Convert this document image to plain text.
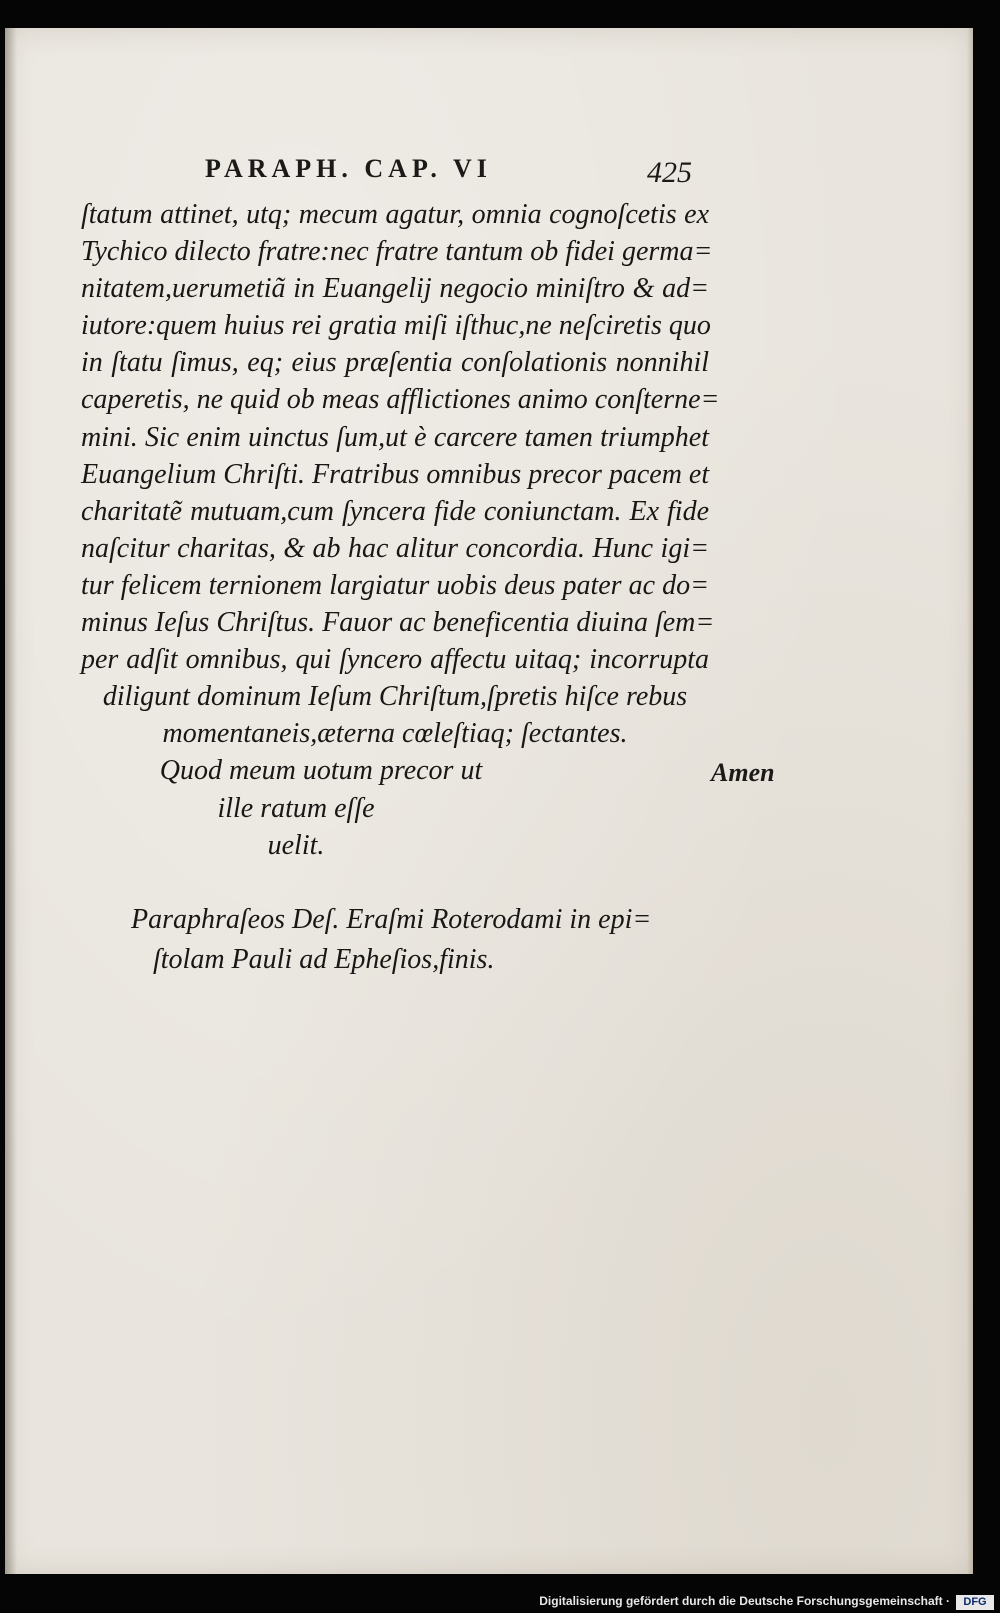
PARAPH. CAP. VI	425
ſtatum attinet, utq; mecum agatur, omnia cognoſcetis ex
Tychico dilecto fratre:nec fratre tantum ob fidei germa=
nitatem,uerumetiã in Euangelij negocio miniſtro & ad=
iutore:quem huius rei gratia miſi iſthuc,ne neſciretis quo
in ſtatu ſimus, eq; eius præſentia conſolationis nonnihil
caperetis, ne quid ob meas afflictiones animo conſterne=
mini. Sic enim uinctus ſum,ut è carcere tamen triumphet
Euangelium Chriſti. Fratribus omnibus precor pacem et
charitatẽ mutuam,cum ſyncera fide coniunctam. Ex fide
naſcitur charitas, & ab hac alitur concordia. Hunc igi=
tur felicem ternionem largiatur uobis deus pater ac do=
minus Ieſus Chriſtus. Fauor ac beneficentia diuina ſem=
per adſit omnibus, qui ſyncero affectu uitaq; incorrupta
diligunt dominum Ieſum Chriſtum,ſpretis hiſce rebus
momentaneis,æterna cœleſtiaq; ſectantes.
Quod meum uotum precor ut
ille ratum eſſe
uelit.
Amen
Paraphraſeos Deſ. Eraſmi Roterodami in epi=
ſtolam Pauli ad Epheſios,finis.
Digitalisierung gefördert durch die Deutsche Forschungsgemeinschaft ·	DFG
